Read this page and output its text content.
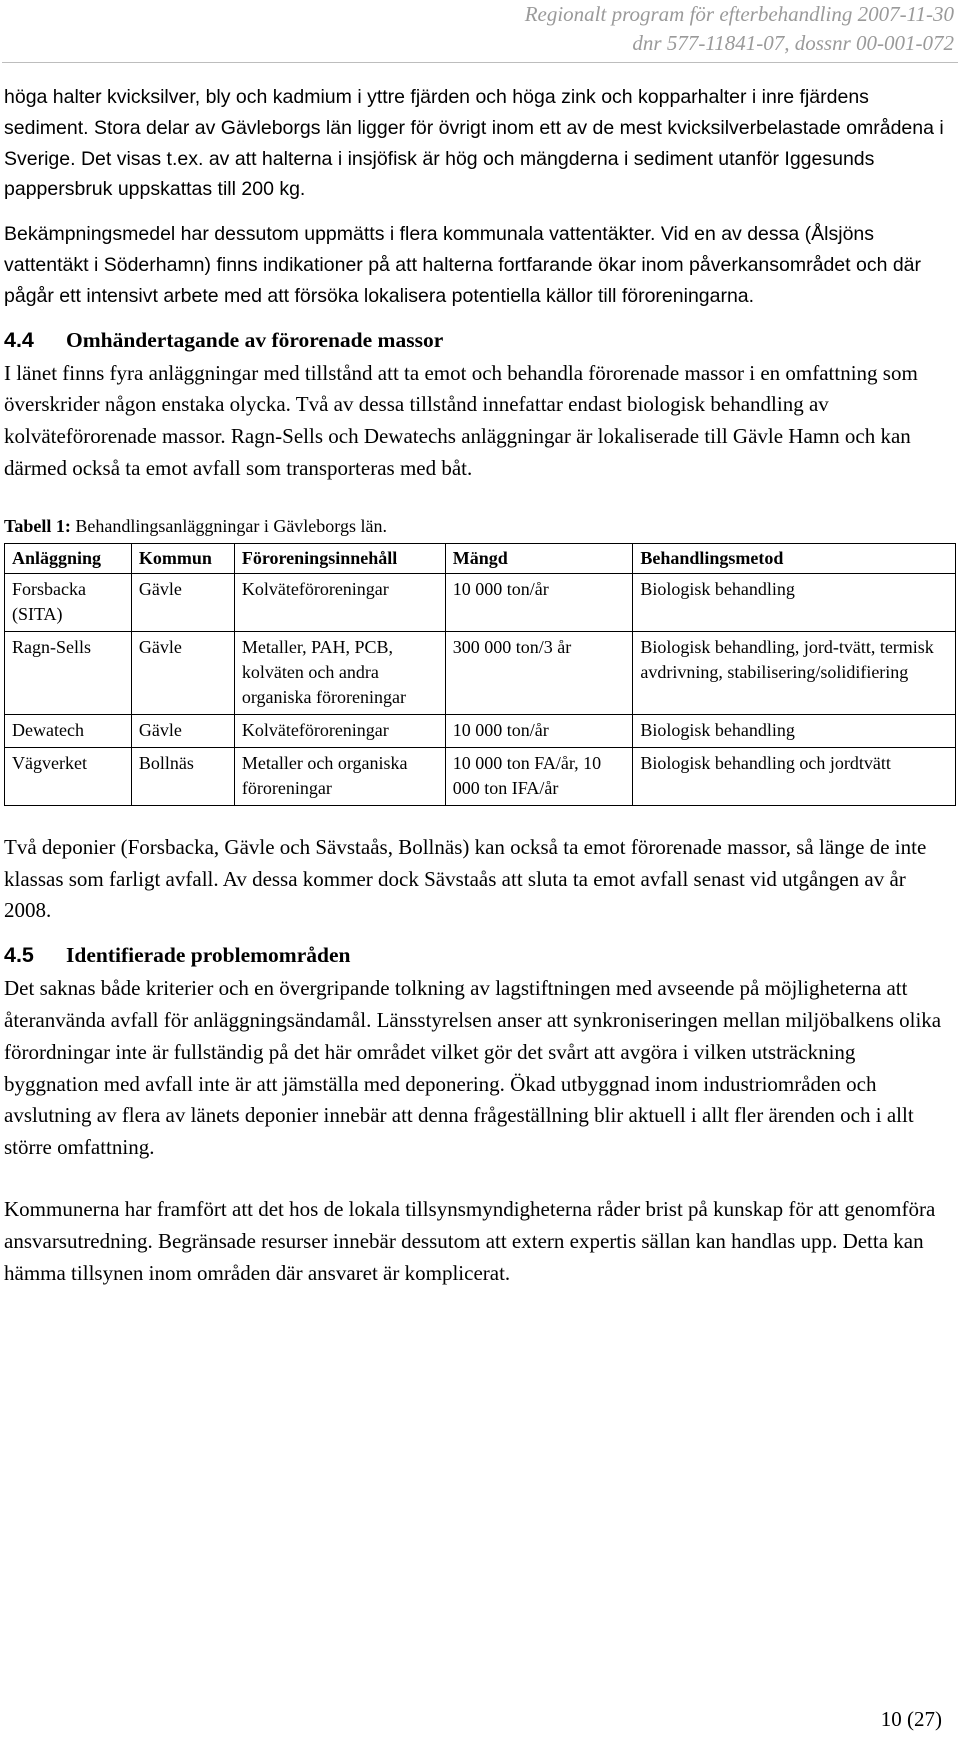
Regionalt program för efterbehandling 2007-11-30
dnr 577-11841-07, dossnr 00-001-072

höga halter kvicksilver, bly och kadmium i yttre fjärden och höga zink och kopparhalter i inre fjärdens sediment. Stora delar av Gävleborgs län ligger för övrigt inom ett av de mest kvicksilverbelastade områdena i Sverige. Det visas t.ex. av att halterna i insjöfisk är hög och mängderna i sediment utanför Iggesunds pappersbruk uppskattas till 200 kg.

Bekämpningsmedel har dessutom uppmätts i flera kommunala vattentäkter. Vid en av dessa (Ålsjöns vattentäkt i Söderhamn) finns indikationer på att halterna fortfarande ökar inom påverkansområdet och där pågår ett intensivt arbete med att försöka lokalisera potentiella källor till föroreningarna.

4.4 Omhändertagande av förorenade massor

I länet finns fyra anläggningar med tillstånd att ta emot och behandla förorenade massor i en omfattning som överskrider någon enstaka olycka. Två av dessa tillstånd innefattar endast biologisk behandling av kolväteförorenade massor. Ragn-Sells och Dewatechs anläggningar är lokaliserade till Gävle Hamn och kan därmed också ta emot avfall som transporteras med båt.

Tabell 1: Behandlingsanläggningar i Gävleborgs län.
Anläggning	Kommun	Föroreningsinnehåll	Mängd	Behandlingsmetod
Forsbacka (SITA)	Gävle	Kolväteföroreningar	10 000 ton/år	Biologisk behandling
Ragn-Sells	Gävle	Metaller, PAH, PCB, kolväten och andra organiska föroreningar	300 000 ton/3 år	Biologisk behandling, jord-tvätt, termisk avdrivning, stabilisering/solidifiering
Dewatech	Gävle	Kolväteföroreningar	10 000 ton/år	Biologisk behandling
Vägverket	Bollnäs	Metaller och organiska föroreningar	10 000 ton FA/år, 10 000 ton IFA/år	Biologisk behandling och jordtvätt

Två deponier (Forsbacka, Gävle och Sävstaås, Bollnäs) kan också ta emot förorenade massor, så länge de inte klassas som farligt avfall. Av dessa kommer dock Sävstaås att sluta ta emot avfall senast vid utgången av år 2008.

4.5 Identifierade problemområden

Det saknas både kriterier och en övergripande tolkning av lagstiftningen med avseende på möjligheterna att återanvända avfall för anläggningsändamål. Länsstyrelsen anser att synkroniseringen mellan miljöbalkens olika förordningar inte är fullständig på det här området vilket gör det svårt att avgöra i vilken utsträckning byggnation med avfall inte är att jämställa med deponering. Ökad utbyggnad inom industriområden och avslutning av flera av länets deponier innebär att denna frågeställning blir aktuell i allt fler ärenden och i allt större omfattning.

Kommunerna har framfört att det hos de lokala tillsynsmyndigheterna råder brist på kunskap för att genomföra ansvarsutredning. Begränsade resurser innebär dessutom att extern expertis sällan kan handlas upp. Detta kan hämma tillsynen inom områden där ansvaret är komplicerat.

10 (27)
